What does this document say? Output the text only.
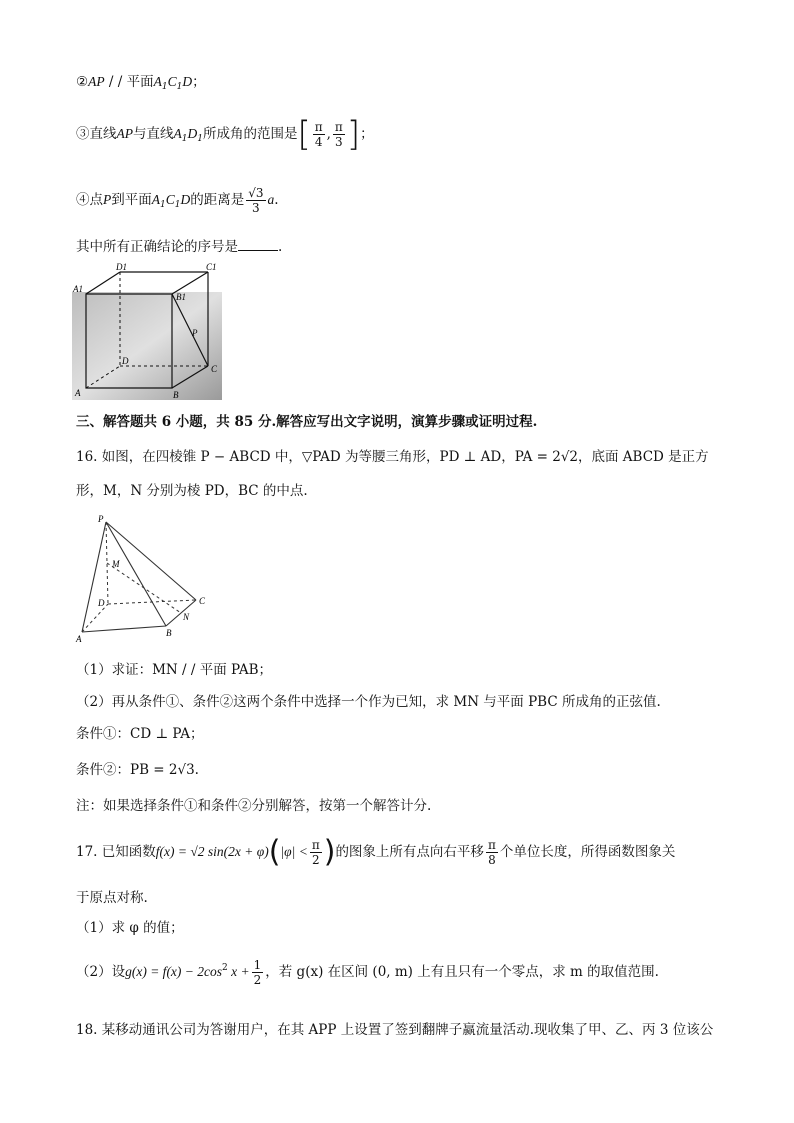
②AP / / 平面$A_1C_1D$；
③直线AP与直线$A_1D_1$所成角的范围是[ $\frac{\pi}{4}$ , $\frac{\pi}{3}$ ]；
④点P到平面$A_1C_1D$的距离是 $\frac{√3}{3} a$.
其中所有正确结论的序号是	.
D1	C1
A1
B1
P
D
C
A	B
三、解答题共 6 小题，共 85 分.解答应写出文字说明，演算步骤或证明过程.
16. 如图，在四棱锥 P − ABCD 中，▽PAD 为等腰三角形，PD ⊥ AD，PA = 2√2，底面 ABCD 是正方
形，M，N 分别为棱 PD，BC 的中点.
P
M
D	C
N
A
B
（1）求证：MN / / 平面 PAB；
（2）再从条件①、条件②这两个条件中选择一个作为已知，求 MN 与平面 PBC 所成角的正弦值.
条件①：CD ⊥ PA；
条件②：PB = 2√3.
注：如果选择条件①和条件②分别解答，按第一个解答计分.
17. 已知函数f(x) = √2 $\sin(2x + \varphi)(|\varphi| < \frac{\pi}{2}$ )的图象上所有点向右平移 $\frac{\pi}{8}$ 个单位长度，所得函数图象关
于原点对称.
（1）求 φ 的值；
（2）设$g(x) = f(x) - 2\cos^2$ $x + \frac{1}{2}$ ，若 g(x) 在区间 (0, m) 上有且只有一个零点，求 m 的取值范围.
18. 某移动通讯公司为答谢用户，在其 APP 上设置了签到翻牌子赢流量活动.现收集了甲、乙、丙 3 位该公
